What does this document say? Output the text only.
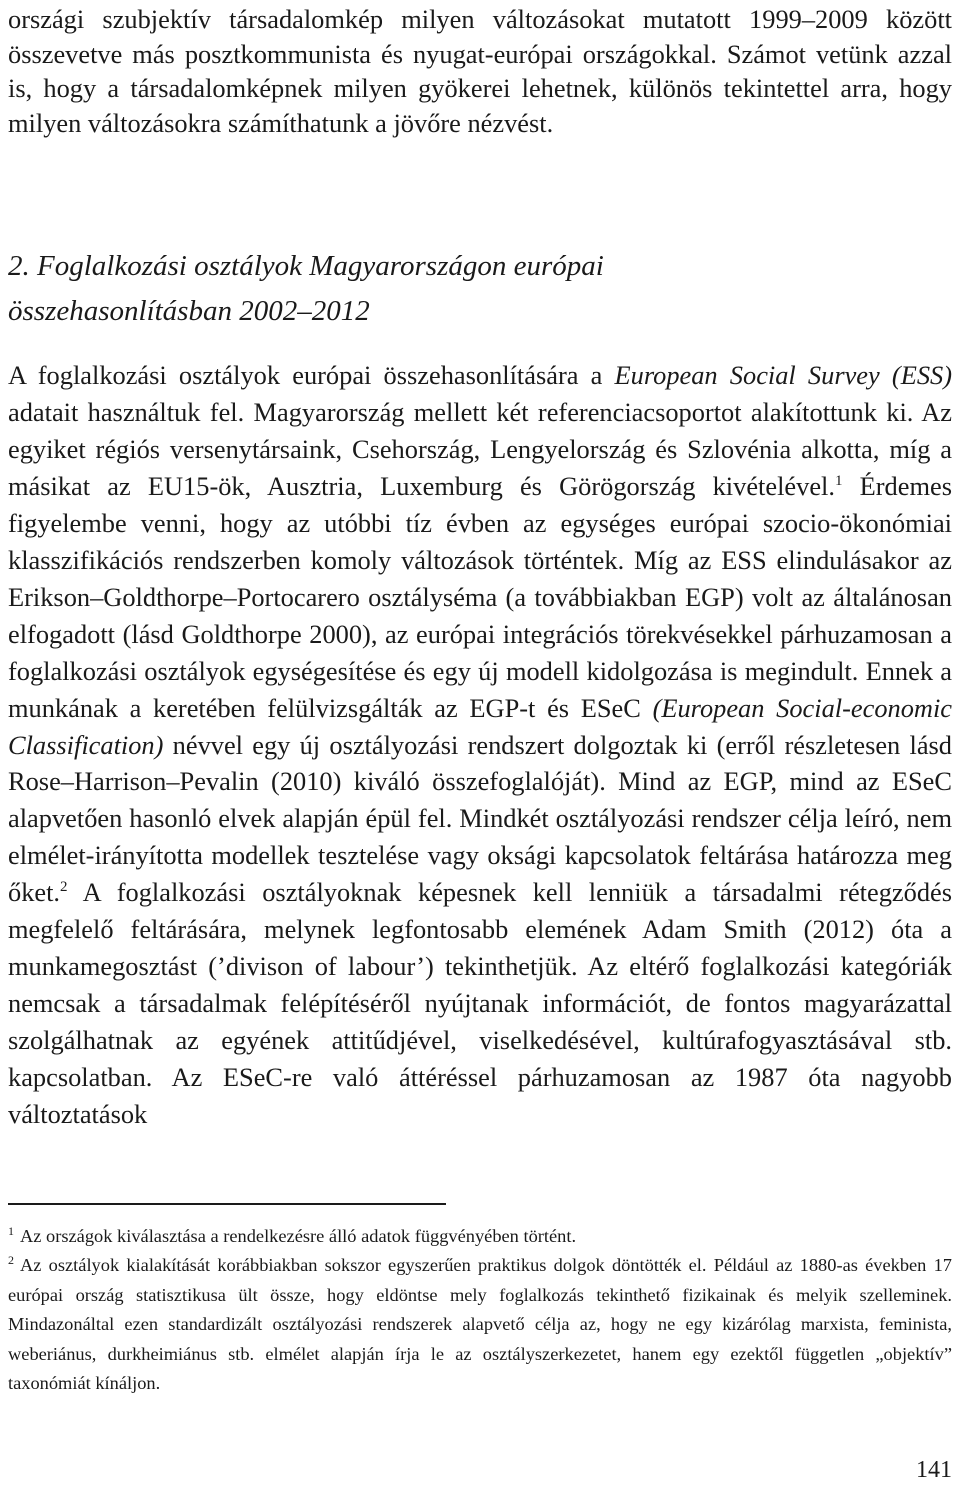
országi szubjektív társadalomkép milyen változásokat mutatott 1999–2009 között összevetve más posztkommunista és nyugat-európai országokkal. Számot vetünk azzal is, hogy a társadalomképnek milyen gyökerei lehetnek, különös tekintettel arra, hogy milyen változásokra számíthatunk a jövőre nézvést.

2. Foglalkozási osztályok Magyarországon európai
összehasonlításban 2002–2012

A foglalkozási osztályok európai összehasonlítására a European Social Survey (ESS) adatait használtuk fel. Magyarország mellett két referenciacsoportot alakítottunk ki. Az egyiket régiós versenytársaink, Csehország, Lengyelország és Szlovénia alkotta, míg a másikat az EU15-ök, Ausztria, Luxemburg és Görögország kivételével.$^1$ Érdemes figyelembe venni, hogy az utóbbi tíz évben az egységes európai szocio-ökonómiai klasszifikációs rendszerben komoly változások történtek. Míg az ESS elindulásakor az Erikson–Goldthorpe–Portocarero osztályséma (a továbbiakban EGP) volt az általánosan elfogadott (lásd Goldthorpe 2000), az európai integrációs törekvésekkel párhuzamosan a foglalkozási osztályok egységesítése és egy új modell kidolgozása is megindult. Ennek a munkának a keretében felülvizsgálták az EGP-t és ESeC (European Social-economic Classification) névvel egy új osztályozási rendszert dolgoztak ki (erről részletesen lásd Rose–Harrison–Pevalin (2010) kiváló összefoglalóját). Mind az EGP, mind az ESeC alapvetően hasonló elvek alapján épül fel. Mindkét osztályozási rendszer célja leíró, nem elmélet-irányította modellek tesztelése vagy oksági kapcsolatok feltárása határozza meg őket.$^2$ A foglalkozási osztályoknak képesnek kell lenniük a társadalmi rétegződés megfelelő feltárására, melynek legfontosabb elemének Adam Smith (2012) óta a munkamegosztást (’divison of labour’) tekinthetjük. Az eltérő foglalkozási kategóriák nemcsak a társadalmak felépítéséről nyújtanak információt, de fontos magyarázattal szolgálhatnak az egyének attitűdjével, viselkedésével, kultúrafogyasztásával stb. kapcsolatban. Az ESeC-re való áttéréssel párhuzamosan az 1987 óta nagyobb változtatások

$^1$ Az országok kiválasztása a rendelkezésre álló adatok függvényében történt.

$^2$ Az osztályok kialakítását korábbiakban sokszor egyszerűen praktikus dolgok döntötték el. Például az 1880-as években 17 európai ország statisztikusa ült össze, hogy eldöntse mely foglalkozás tekinthető fizikainak és melyik szelleminek. Mindazonáltal ezen standardizált osztályozási rendszerek alapvető célja az, hogy ne egy kizárólag marxista, feminista, weberiánus, durkheimiánus stb. elmélet alapján írja le az osztályszerkezetet, hanem egy ezektől független „objektív” taxonómiát kínáljon.

141
